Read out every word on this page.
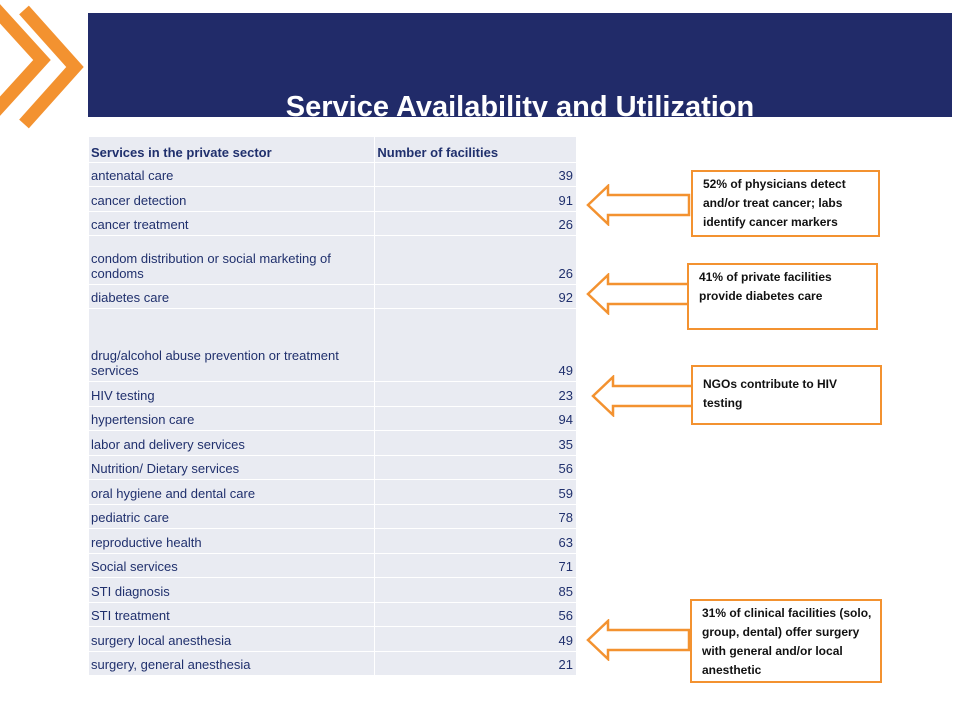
Service Availability and Utilization
Services in the private sector	Number of facilities
antenatal care	39
cancer detection	91
cancer treatment	26
condom distribution or social marketing of condoms	26
diabetes care	92
drug/alcohol abuse prevention or treatment services	49
HIV testing	23
hypertension care	94
labor and delivery services	35
Nutrition/ Dietary services	56
oral hygiene and dental care	59
pediatric care	78
reproductive health	63
Social services	71
STI diagnosis	85
STI treatment	56
surgery local anesthesia	49
surgery, general anesthesia	21
52% of physicians detect and/or treat cancer; labs identify cancer markers
41% of private facilities provide diabetes care
NGOs contribute to HIV testing
31% of clinical facilities (solo, group, dental) offer surgery with general and/or local anesthetic
